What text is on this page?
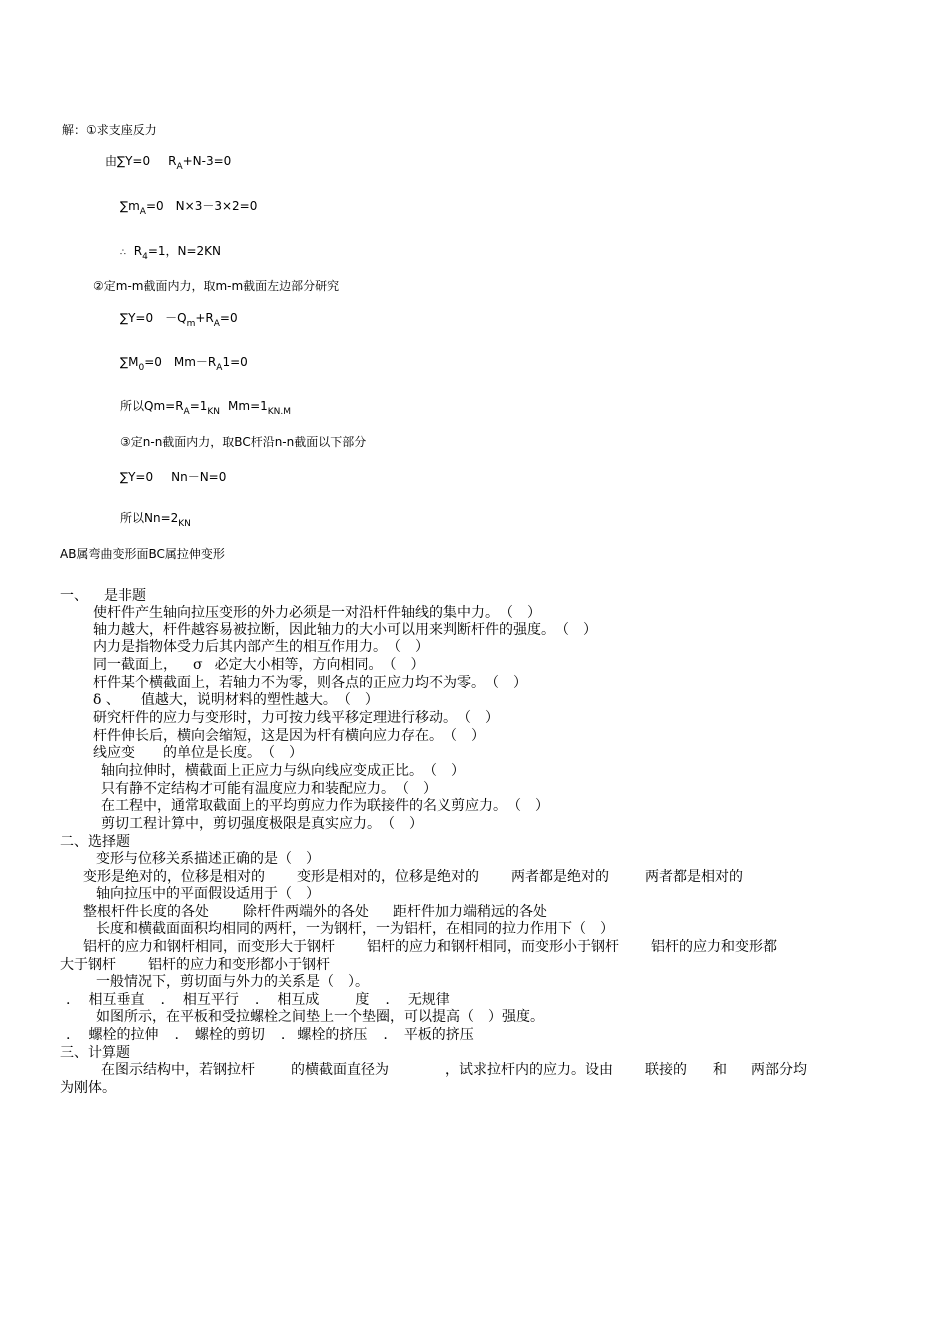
解：①求支座反力
由∑Y=0 $R_A+N-3=0$
$\sum m_A=0$ N×3－3×2=0
∴ $R_4=1$，N=2KN
②定m-m截面内力，取m-m截面左边部分研究
$\sum Y=0 -Q_m+R_A=0$
$\sum M_0=0$ $Mm-R_A1=0$
所以$Qm=R_A=1_{KN}$ $Mm=1_{KN.M}$
③定n-n截面内力，取BC杆沿n-n截面以下部分
∑Y=0 Nn－N=0
所以$Nn=2_{KN}$
AB属弯曲变形面BC属拉伸变形
一、 是非题
使杆件产生轴向拉压变形的外力必须是一对沿杆件轴线的集中力。　（　）
轴力越大，杆件越容易被拉断，因此轴力的大小可以用来判断杆件的强度。　（　）
内力是指物体受力后其内部产生的相互作用力。　（　）
同一截面上， σ 必定大小相等，方向相同。　（　）
杆件某个横截面上，若轴力不为零，则各点的正应力均不为零。　（　）
δ 、　　值越大，说明材料的塑性越大。　（　）
研究杆件的应力与变形时，力可按力线平移定理进行移动。　（　）
杆件伸长后，横向会缩短，这是因为杆有横向应力存在。　（　）
线应变　　的单位是长度。　（　）
轴向拉伸时，横截面上正应力与纵向线应变成正比。　（　）
只有静不定结构才可能有温度应力和装配应力。　（　）
在工程中，通常取截面上的平均剪应力作为联接件的名义剪应力。　（　）
剪切工程计算中，剪切强度极限是真实应力。　（　）
二、选择题
变形与位移关系描述正确的是（　）
变形是绝对的，位移是相对的 变形是相对的，位移是绝对的 两者都是绝对的	两者都是相对的
轴向拉压中的平面假设适用于（　）
整根杆件长度的各处 除杆件两端外的各处 距杆件加力端稍远的各处
长度和横截面面积均相同的两杆，一为钢杆，一为铝杆，在相同的拉力作用下（　）
铝杆的应力和钢杆相同，而变形大于钢杆 铝杆的应力和钢杆相同，而变形小于钢杆 铝杆的应力和变形都
大于钢杆 铝杆的应力和变形都小于钢杆
一般情况下，剪切面与外力的关系是（　）。
. 相互垂直 . 相互平行 . 相互成	度 . 无规律
如图所示，在平板和受拉螺栓之间垫上一个垫圈，可以提高（　）强度。
. 螺栓的拉伸 . 螺栓的剪切 . 螺栓的挤压 . 平板的挤压
三、计算题
在图示结构中，若钢拉杆	的横截面直径为	，试求拉杆内的应力。设由 联接的 和 两部分均
为刚体。
